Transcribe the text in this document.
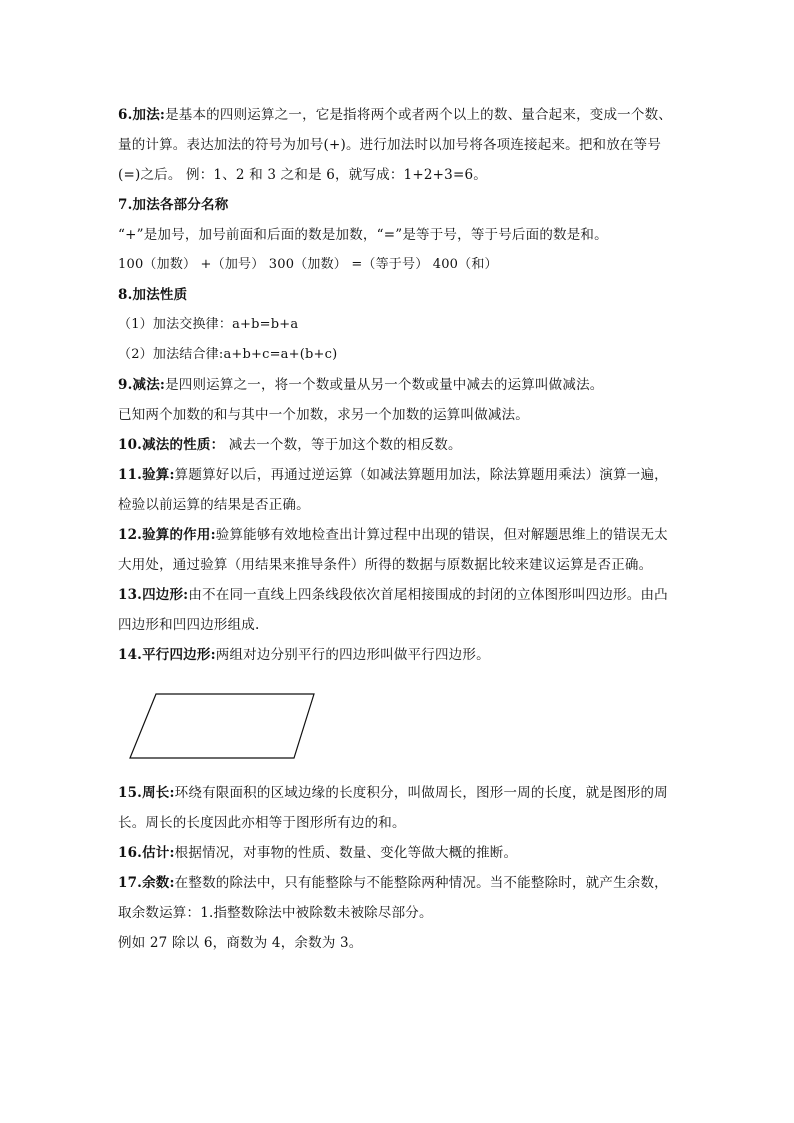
6.加法:是基本的四则运算之一，它是指将两个或者两个以上的数、量合起来，变成一个数、量的计算。表达加法的符号为加号(+)。进行加法时以加号将各项连接起来。把和放在等号(=)之后。 例：1、2 和 3 之和是 6，就写成：1+2+3=6。

7.加法各部分名称

“+”是加号，加号前面和后面的数是加数，“=”是等于号，等于号后面的数是和。

100（加数） +（加号） 300（加数） =（等于号） 400（和）

8.加法性质

（1）加法交换律：a+b=b+a

（2）加法结合律:a+b+c=a+(b+c)

9.减法:是四则运算之一，将一个数或量从另一个数或量中减去的运算叫做减法。

已知两个加数的和与其中一个加数，求另一个加数的运算叫做减法。

10.减法的性质： 减去一个数，等于加这个数的相反数。

11.验算:算题算好以后，再通过逆运算（如减法算题用加法，除法算题用乘法）演算一遍，检验以前运算的结果是否正确。

12.验算的作用:验算能够有效地检查出计算过程中出现的错误，但对解题思维上的错误无太大用处，通过验算（用结果来推导条件）所得的数据与原数据比较来建议运算是否正确。

13.四边形:由不在同一直线上四条线段依次首尾相接围成的封闭的立体图形叫四边形。由凸四边形和凹四边形组成.

14.平行四边形:两组对边分别平行的四边形叫做平行四边形。

15.周长:环绕有限面积的区域边缘的长度积分，叫做周长，图形一周的长度，就是图形的周长。周长的长度因此亦相等于图形所有边的和。

16.估计:根据情况，对事物的性质、数量、变化等做大概的推断。

17.余数:在整数的除法中，只有能整除与不能整除两种情况。当不能整除时，就产生余数，取余数运算：1.指整数除法中被除数未被除尽部分。

例如 27 除以 6，商数为 4，余数为 3。
